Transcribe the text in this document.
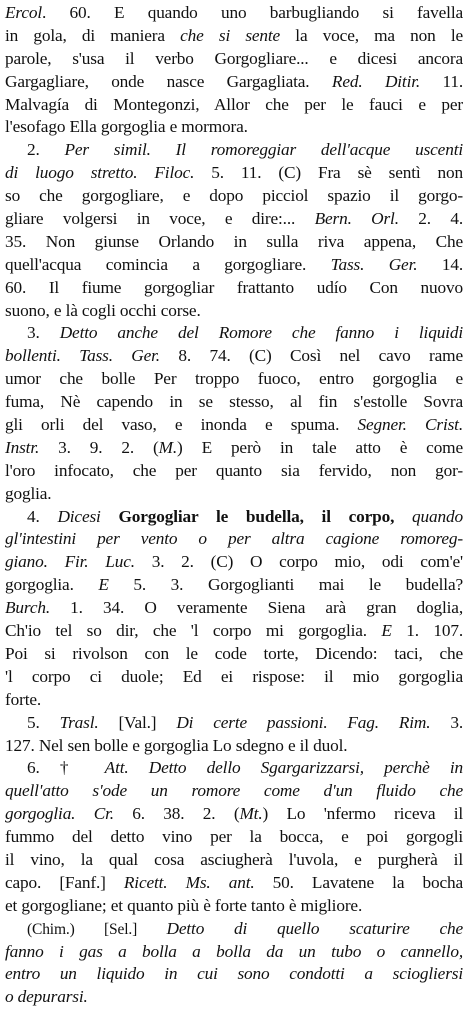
Ercol. 60. E quando uno barbugliando si favella
in gola, di maniera che si sente la voce, ma non le
parole, s'usa il verbo Gorgogliare... e dicesi ancora
Gargagliare, onde nasce Gargagliata. Red. Ditir. 11.
Malvagía di Montegonzi, Allor che per le fauci e per
l'esofago Ella gorgoglia e mormora.
2. Per simil. Il romoreggiar dell'acque uscenti
di luogo stretto. Filoc. 5. 11. (C) Fra sè sentì non
so che gorgogliare, e dopo picciol spazio il gorgo-
gliare volgersi in voce, e dire:... Bern. Orl. 2. 4.
35. Non giunse Orlando in sulla riva appena, Che
quell'acqua comincia a gorgogliare. Tass. Ger. 14.
60. Il fiume gorgogliar frattanto udío Con nuovo
suono, e là cogli occhi corse.
3. Detto anche del Romore che fanno i liquidi
bollenti. Tass. Ger. 8. 74. (C) Così nel cavo rame
umor che bolle Per troppo fuoco, entro gorgoglia e
fuma, Nè capendo in se stesso, al fin s'estolle Sovra
gli orli del vaso, e inonda e spuma. Segner. Crist.
Instr. 3. 9. 2. (M.) E però in tale atto è come
l'oro infocato, che per quanto sia fervido, non gor-
goglia.
4. Dicesi Gorgogliar le budella, il corpo, quando
gl'intestini per vento o per altra cagione romoreg-
giano. Fir. Luc. 3. 2. (C) O corpo mio, odi com'e'
gorgoglia. E 5. 3. Gorgoglianti mai le budella?
Burch. 1. 34. O veramente Siena arà gran doglia,
Ch'io tel so dir, che 'l corpo mi gorgoglia. E 1. 107.
Poi si rivolson con le code torte, Dicendo: taci, che
'l corpo ci duole; Ed ei rispose: il mio gorgoglia
forte.
5. Trasl. [Val.] Di certe passioni. Fag. Rim. 3.
127. Nel sen bolle e gorgoglia Lo sdegno e il duol.
6. † Att. Detto dello Sgargarizzarsi, perchè in
quell'atto s'ode un romore come d'un fluido che
gorgoglia. Cr. 6. 38. 2. (Mt.) Lo 'nfermo riceva il
fummo del detto vino per la bocca, e poi gorgogli
il vino, la qual cosa asciugherà l'uvola, e purgherà il
capo. [Fanf.] Ricett. Ms. ant. 50. Lavatene la bocha
et gorgogliane; et quanto più è forte tanto è migliore.
(Chim.) [Sel.] Detto di quello scaturire che
fanno i gas a bolla a bolla da un tubo o cannello,
entro un liquido in cui sono condotti a sciogliersi
o depurarsi.
